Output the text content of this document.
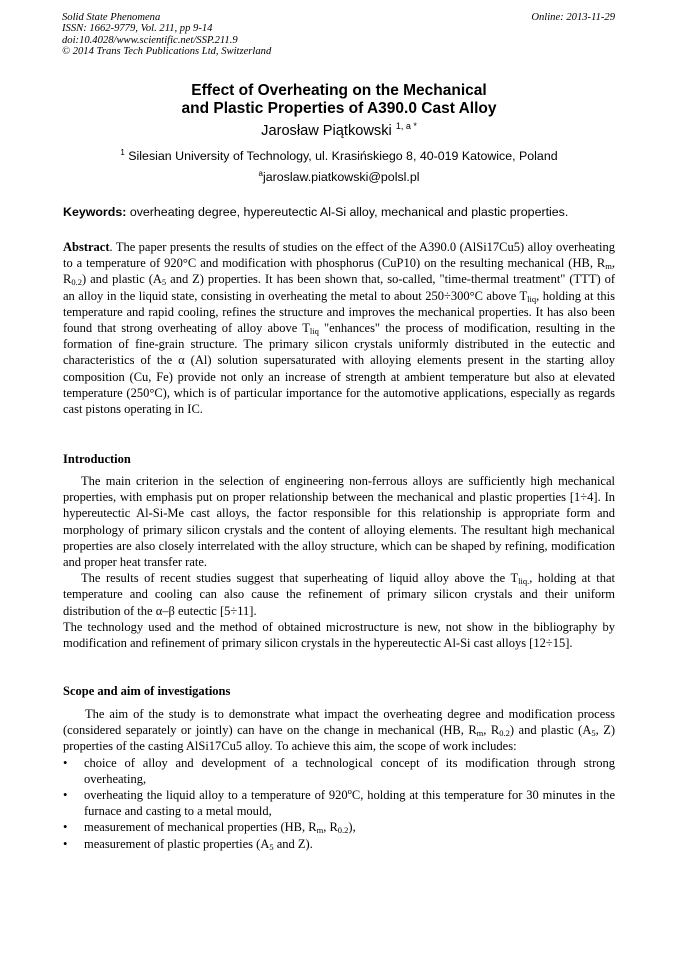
Solid State Phenomena
ISSN: 1662-9779, Vol. 211, pp 9-14
doi:10.4028/www.scientific.net/SSP.211.9
© 2014 Trans Tech Publications Ltd, Switzerland
Online: 2013-11-29
Effect of Overheating on the Mechanical
and Plastic Properties of A390.0 Cast Alloy
Jarosław Piątkowski $^{1, a *}$
$^1$ Silesian University of Technology, ul. Krasińskiego 8, 40-019 Katowice, Poland
$^a$jaroslaw.piatkowski@polsl.pl
Keywords: overheating degree, hypereutectic Al-Si alloy, mechanical and plastic properties.

Abstract. The paper presents the results of studies on the effect of the A390.0 (AlSi17Cu5) alloy overheating to a temperature of 920°C and modification with phosphorus (CuP10) on the resulting mechanical (HB, $R_m$, $R_{0.2}$) and plastic ($A_5$ and Z) properties. It has been shown that, so-called, "time-thermal treatment" (TTT) of an alloy in the liquid state, consisting in overheating the metal to about 250÷300°C above $T_{liq}$, holding at this temperature and rapid cooling, refines the structure and improves the mechanical properties. It has also been found that strong overheating of alloy above $T_{liq}$ "enhances" the process of modification, resulting in the formation of fine-grain structure. The primary silicon crystals uniformly distributed in the eutectic and characteristics of the α (Al) solution supersaturated with alloying elements present in the starting alloy composition (Cu, Fe) provide not only an increase of strength at ambient temperature but also at elevated temperature (250°C), which is of particular importance for the automotive applications, especially as regards cast pistons operating in IC.

Introduction

The main criterion in the selection of engineering non-ferrous alloys are sufficiently high mechanical properties, with emphasis put on proper relationship between the mechanical and plastic properties [1÷4]. In hypereutectic Al-Si-Me cast alloys, the factor responsible for this relationship is appropriate form and morphology of primary silicon crystals and the content of alloying elements. The resultant high mechanical properties are also closely interrelated with the alloy structure, which can be shaped by refining, modification and proper heat transfer rate.

The results of recent studies suggest that superheating of liquid alloy above the $T_{liq.}$, holding at that temperature and cooling can also cause the refinement of primary silicon crystals and their uniform distribution of the α–β eutectic [5÷11].

The technology used and the method of obtained microstructure is new, not show in the bibliography by modification and refinement of primary silicon crystals in the hypereutectic Al-Si cast alloys [12÷15].

Scope and aim of investigations

The aim of the study is to demonstrate what impact the overheating degree and modification process (considered separately or jointly) can have on the change in mechanical (HB, $R_m$, $R_{0.2}$) and plastic ($A_5$, Z) properties of the casting AlSi17Cu5 alloy. To achieve this aim, the scope of work includes:

• choice of alloy and development of a technological concept of its modification through strong overheating,
• overheating the liquid alloy to a temperature of 920$^o$C, holding at this temperature for 30 minutes in the furnace and casting to a metal mould,
• measurement of mechanical properties (HB, $R_m$, $R_{0.2}$),
• measurement of plastic properties ($A_5$ and Z).
